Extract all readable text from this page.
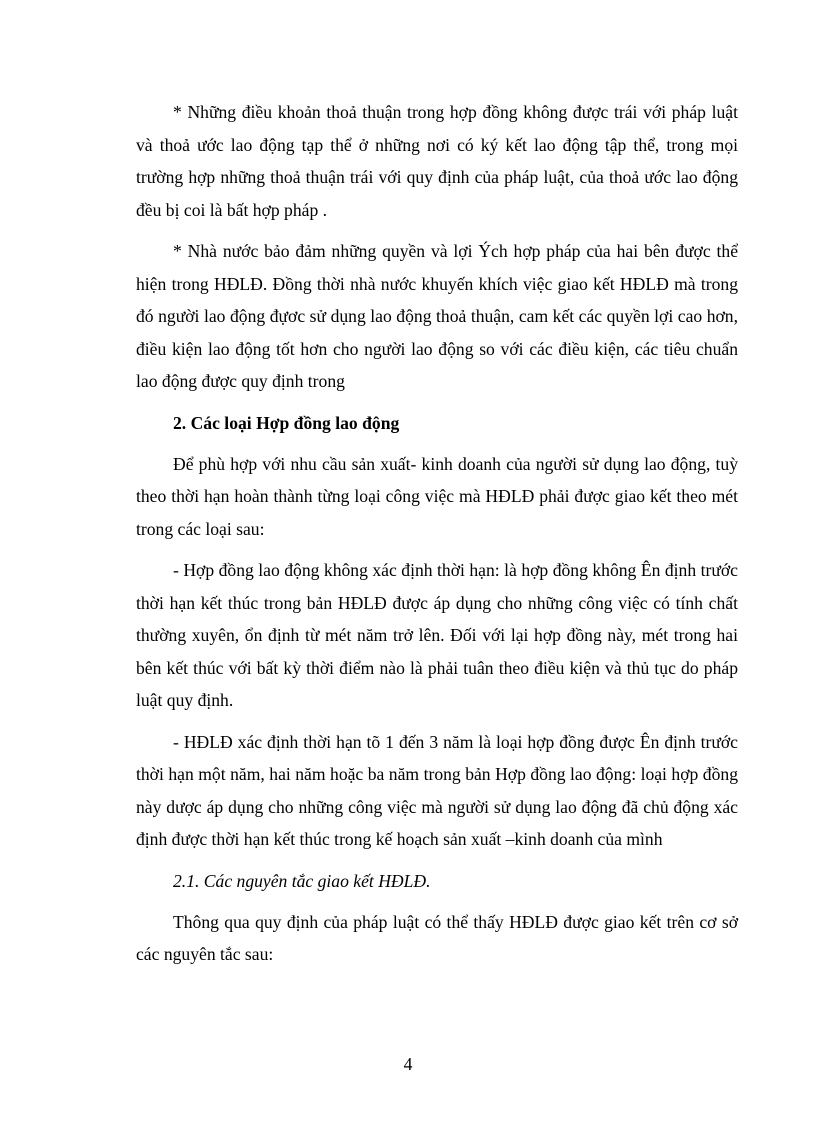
* Những điều khoản thoả thuận trong hợp đồng không được trái với pháp luật và thoả ước lao động tạp thể ở những nơi có ký kết lao động tập thể, trong mọi trường hợp những thoả thuận trái với quy định của pháp luật, của thoả ước lao động đều bị coi là bất hợp pháp .

* Nhà nước bảo đảm những quyền và lợi Ých hợp pháp của hai bên được thể hiện trong HĐLĐ. Đồng thời nhà nước khuyến khích việc giao kết HĐLĐ mà trong đó người lao động đựơc sử dụng lao động thoả thuận, cam kết các quyền lợi cao hơn, điều kiện lao động tốt hơn cho người lao động so với các điều kiện, các tiêu chuẩn lao động được quy định trong

2. Các loại Hợp đồng lao động

Để phù hợp với nhu cầu sản xuất- kinh doanh của người sử dụng lao động, tuỳ theo thời hạn hoàn thành từng loại công việc mà HĐLĐ phải được giao kết theo mét trong các loại sau:

- Hợp đồng lao động không xác định thời hạn: là hợp đồng không Ên định trước thời hạn kết thúc trong bản HĐLĐ được áp dụng cho những công việc có tính chất thường xuyên, ổn định từ mét năm trở lên. Đối với lại hợp đồng này, mét trong hai bên kết thúc với bất kỳ thời điểm nào là phải tuân theo điều kiện và thủ tục do pháp luật quy định.

- HĐLĐ xác định thời hạn tõ 1 đến 3 năm là loại hợp đồng được Ên định trước thời hạn một năm, hai năm hoặc ba năm trong bản Hợp đồng lao động: loại hợp đồng này dược áp dụng cho những công việc mà người sử dụng lao động đã chủ động xác định được thời hạn kết thúc trong kế hoạch sản xuất –kinh doanh của mình

2.1. Các nguyên tắc giao kết HĐLĐ.

Thông qua quy định của pháp luật có thể thấy HĐLĐ được giao kết trên cơ sở các nguyên tắc sau:

4
